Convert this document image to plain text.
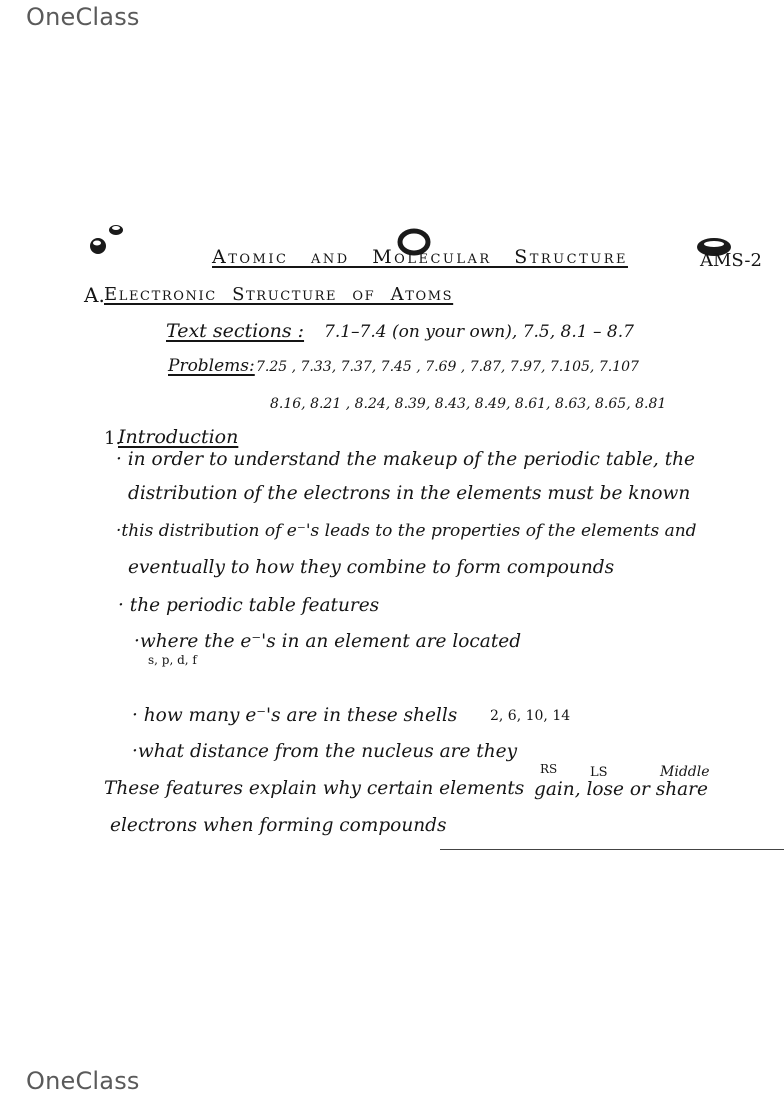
OneClass
OneClass
Atomic and Molecular Structure	AMS-2
A. Electronic Structure of Atoms
Text sections : 7.1–7.4 (on your own), 7.5, 8.1 – 8.7
Problems: 7.25 , 7.33, 7.37, 7.45 , 7.69 , 7.87, 7.97, 7.105, 7.107
8.16, 8.21 , 8.24, 8.39, 8.43, 8.49, 8.61, 8.63, 8.65, 8.81
1.
Introduction
· in order to understand the makeup of the periodic table, the
distribution of the electrons in the elements must be known
·this distribution of e⁻'s leads to the properties of the elements and
eventually to how they combine to form compounds
· the periodic table features
·where the e⁻'s in an element are located
s, p, d, f
· how many e⁻'s are in these shells 2, 6, 10, 14
·what distance from the nucleus are they
RS	LS	Middle
These features explain why certain elements gain, lose or share
electrons when forming compounds
